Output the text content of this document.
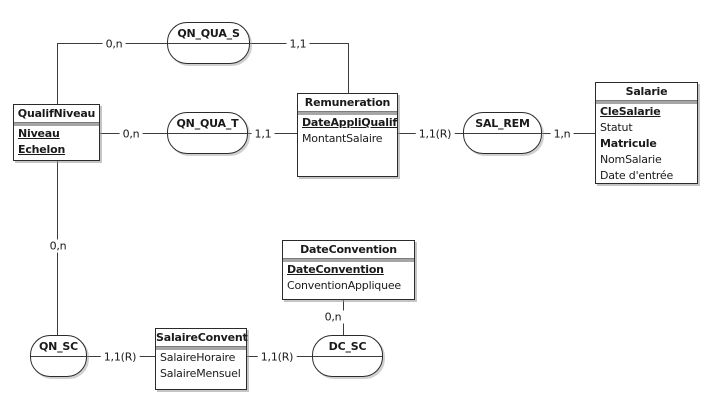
QualifNiveau
Niveau
Echelon
Remuneration
DateAppliQualif
MontantSalaire
Salarie
CleSalarie
Statut
Matricule
NomSalarie
Date d'entrée
DateConvention
DateConvention
ConventionAppliquee
SalaireConvent
SalaireHoraire
SalaireMensuel
QN_QUA_S
QN_QUA_T	SAL_REM
QN_SC	DC_SC
0,n	1,1
0,n	1,1	1,1(R)	1,n
0,n
1,1(R)	1,1(R)
0,n
